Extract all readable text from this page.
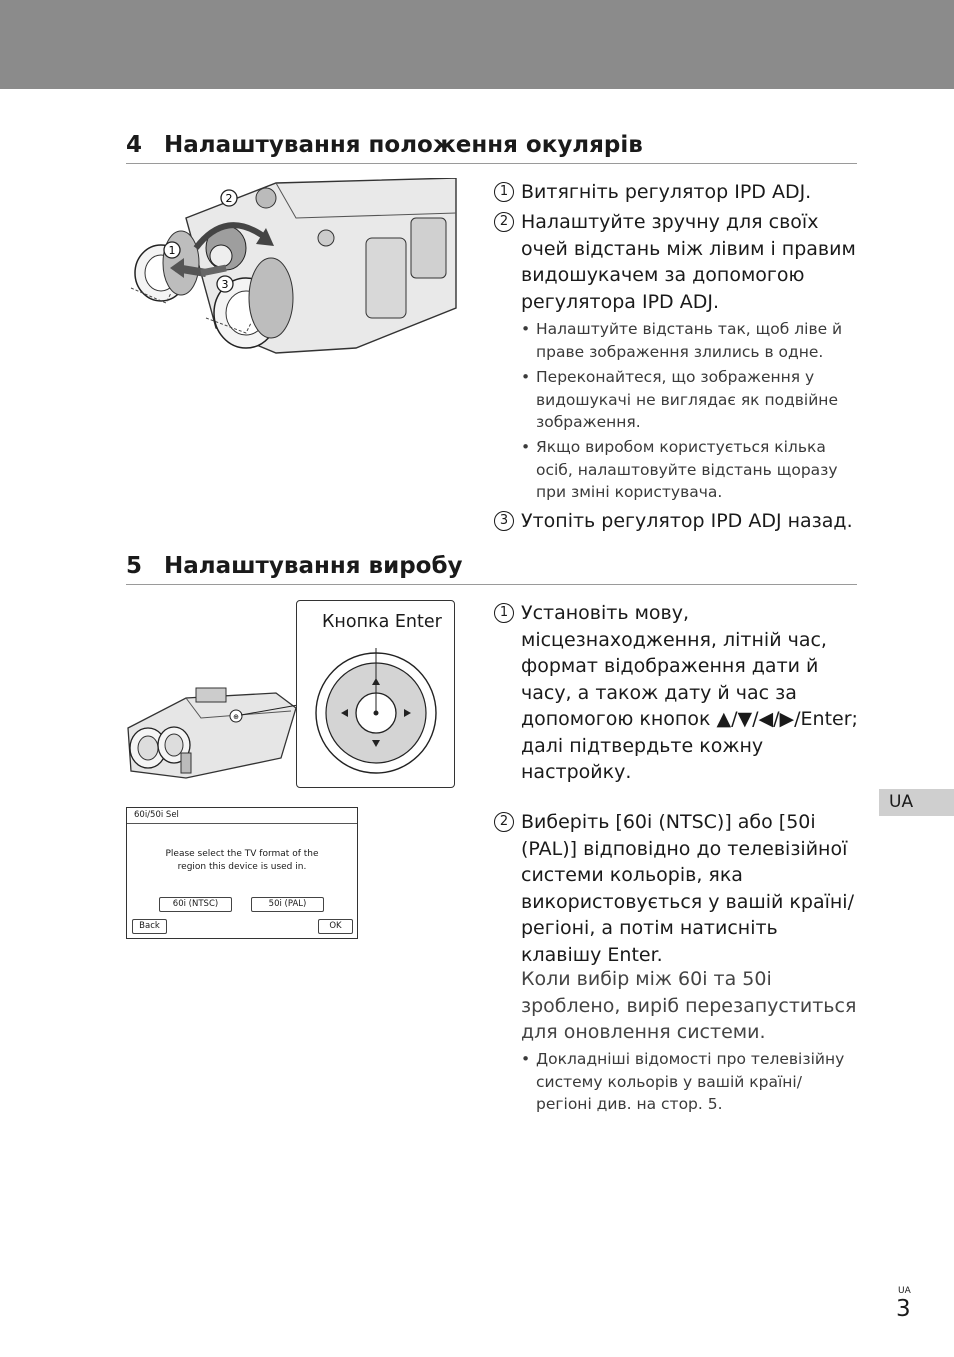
4 Налаштування положення окулярів
2
1
3
1 Витягніть регулятор IPD ADJ.
2 Налаштуйте зручну для своїх очей відстань між лівим і правим видошукачем за допомогою регулятора IPD ADJ.
• Налаштуйте відстань так, щоб ліве й праве зображення злились в одне.
• Переконайтеся, що зображення у видошукачі не виглядає як подвійне зображення.
• Якщо виробом користується кілька осіб, налаштовуйте відстань щоразу при зміні користувача.
3 Утопіть регулятор IPD ADJ назад.
5 Налаштування виробу
⊕
Кнопка Enter	1 Установіть мову, місцезнаходження, літній час, формат відображення дати й часу, а також дату й час за допомогою кнопок ▲/▼/◀/▶/Enter; далі підтвердьте кожну настройку.
60i/50i Sel
Please select the TV format of the
region this device is used in.
60i (NTSC)	50i (PAL)
Back	OK
2 Виберіть [60i (NTSC)] або [50i (PAL)] відповідно до телевізійної системи кольорів, яка використовується у вашій країні/регіоні, а потім натисніть клавішу Enter.
Коли вибір між 60i та 50i зроблено, виріб перезапуститься для оновлення системи.
• Докладніші відомості про телевізійну систему кольорів у вашій країні/регіоні див. на стор. 5.
UA
UA
3
